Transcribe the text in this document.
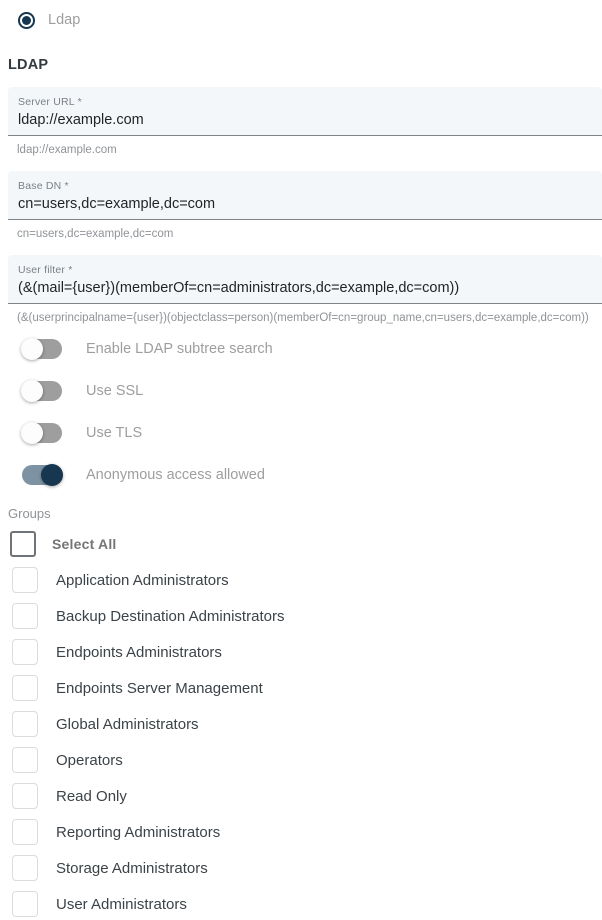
Ldap
LDAP
Server URL *
ldap://example.com
ldap://example.com
Base DN *
cn=users,dc=example,dc=com
cn=users,dc=example,dc=com
User filter *
(&(mail={user})(memberOf=cn=administrators,dc=example,dc=com))
(&(userprincipalname={user})(objectclass=person)(memberOf=cn=group_name,cn=users,dc=example,dc=com))
Enable LDAP subtree search
Use SSL
Use TLS
Anonymous access allowed
Groups
Select All
Application Administrators
Backup Destination Administrators
Endpoints Administrators
Endpoints Server Management
Global Administrators
Operators
Read Only
Reporting Administrators
Storage Administrators
User Administrators
